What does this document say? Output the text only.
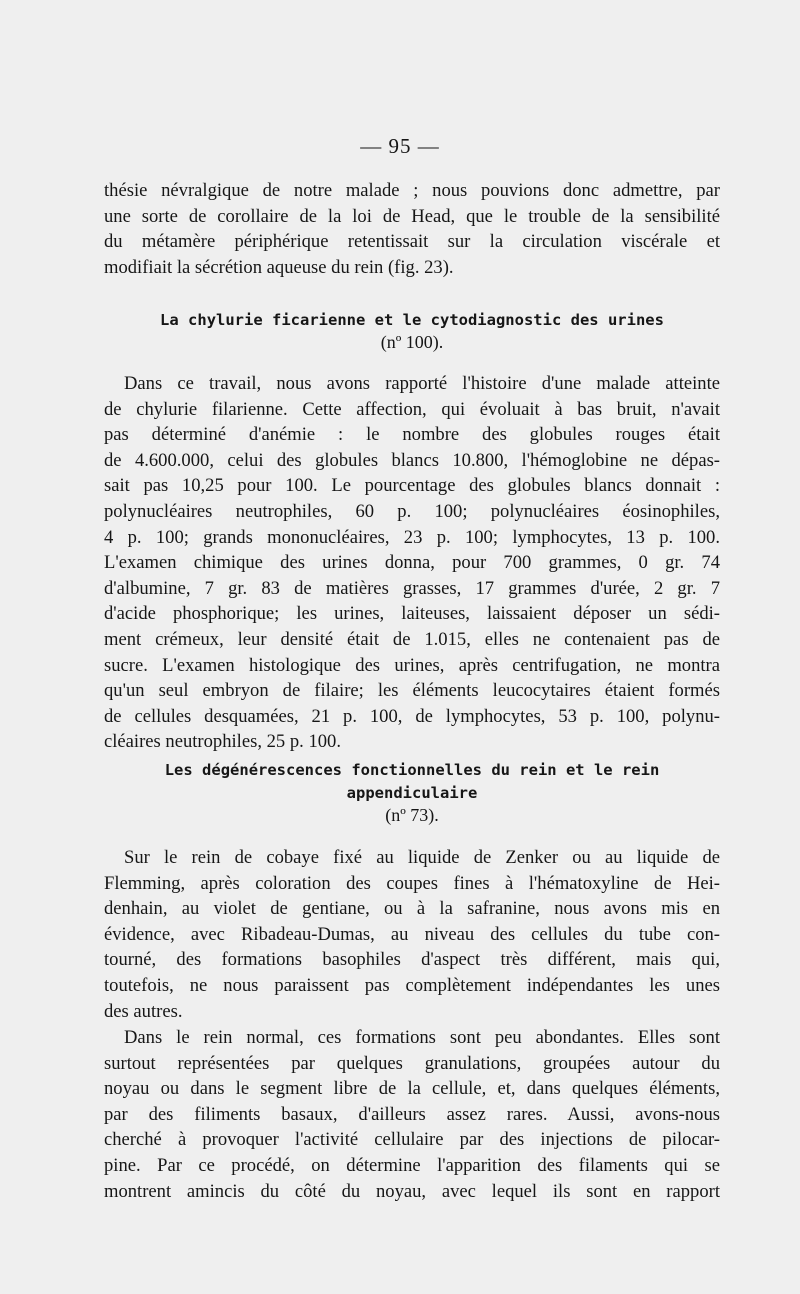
— 95 —
thésie névralgique de notre malade ; nous pouvions donc admettre, par
une sorte de corollaire de la loi de Head, que le trouble de la sensibilité
du métamère périphérique retentissait sur la circulation viscérale et
modifiait la sécrétion aqueuse du rein (fig. 23).
La chylurie ficarienne et le cytodiagnostic des urines
(nº 100).
Dans ce travail, nous avons rapporté l'histoire d'une malade atteinte
de chylurie filarienne. Cette affection, qui évoluait à bas bruit, n'avait
pas déterminé d'anémie : le nombre des globules rouges était
de 4.600.000, celui des globules blancs 10.800, l'hémoglobine ne dépas-
sait pas 10,25 pour 100. Le pourcentage des globules blancs donnait :
polynucléaires neutrophiles, 60 p. 100; polynucléaires éosinophiles,
4 p. 100; grands mononucléaires, 23 p. 100; lymphocytes, 13 p. 100.
L'examen chimique des urines donna, pour 700 grammes, 0 gr. 74
d'albumine, 7 gr. 83 de matières grasses, 17 grammes d'urée, 2 gr. 7
d'acide phosphorique; les urines, laiteuses, laissaient déposer un sédi-
ment crémeux, leur densité était de 1.015, elles ne contenaient pas de
sucre. L'examen histologique des urines, après centrifugation, ne montra
qu'un seul embryon de filaire; les éléments leucocytaires étaient formés
de cellules desquamées, 21 p. 100, de lymphocytes, 53 p. 100, polynu-
cléaires neutrophiles, 25 p. 100.
Les dégénérescences fonctionnelles du rein et le rein
appendiculaire
(nº 73).
Sur le rein de cobaye fixé au liquide de Zenker ou au liquide de
Flemming, après coloration des coupes fines à l'hématoxyline de Hei-
denhain, au violet de gentiane, ou à la safranine, nous avons mis en
évidence, avec Ribadeau-Dumas, au niveau des cellules du tube con-
tourné, des formations basophiles d'aspect très différent, mais qui,
toutefois, ne nous paraissent pas complètement indépendantes les unes
des autres.
Dans le rein normal, ces formations sont peu abondantes. Elles sont
surtout représentées par quelques granulations, groupées autour du
noyau ou dans le segment libre de la cellule, et, dans quelques éléments,
par des filiments basaux, d'ailleurs assez rares. Aussi, avons-nous
cherché à provoquer l'activité cellulaire par des injections de pilocar-
pine. Par ce procédé, on détermine l'apparition des filaments qui se
montrent amincis du côté du noyau, avec lequel ils sont en rapport
